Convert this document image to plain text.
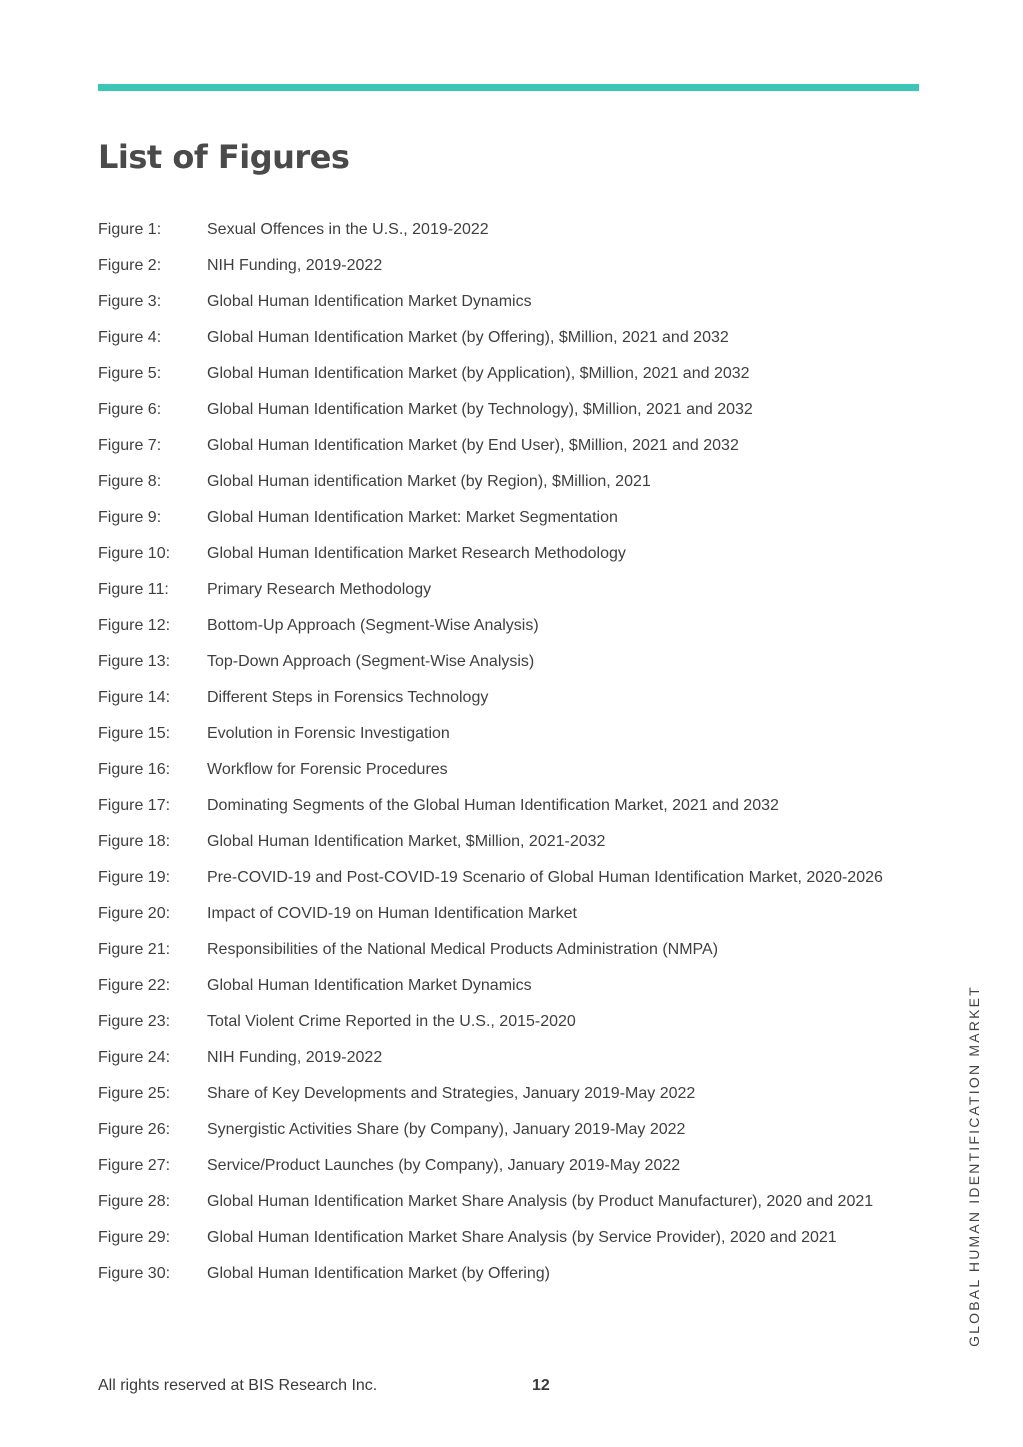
List of Figures
Figure 1:	Sexual Offences in the U.S., 2019-2022
Figure 2:	NIH Funding, 2019-2022
Figure 3:	Global Human Identification Market Dynamics
Figure 4:	Global Human Identification Market (by Offering), $Million, 2021 and 2032
Figure 5:	Global Human Identification Market (by Application), $Million, 2021 and 2032
Figure 6:	Global Human Identification Market (by Technology), $Million, 2021 and 2032
Figure 7:	Global Human Identification Market (by End User), $Million, 2021 and 2032
Figure 8:	Global Human identification Market (by Region), $Million, 2021
Figure 9:	Global Human Identification Market: Market Segmentation
Figure 10:	Global Human Identification Market Research Methodology
Figure 11:	Primary Research Methodology
Figure 12:	Bottom-Up Approach (Segment-Wise Analysis)
Figure 13:	Top-Down Approach (Segment-Wise Analysis)
Figure 14:	Different Steps in Forensics Technology
Figure 15:	Evolution in Forensic Investigation
Figure 16:	Workflow for Forensic Procedures
Figure 17:	Dominating Segments of the Global Human Identification Market, 2021 and 2032
Figure 18:	Global Human Identification Market, $Million, 2021-2032
Figure 19:	Pre-COVID-19 and Post-COVID-19 Scenario of Global Human Identification Market, 2020-2026
Figure 20:	Impact of COVID-19 on Human Identification Market
Figure 21:	Responsibilities of the National Medical Products Administration (NMPA)
Figure 22:	Global Human Identification Market Dynamics
Figure 23:	Total Violent Crime Reported in the U.S., 2015-2020
Figure 24:	NIH Funding, 2019-2022
Figure 25:	Share of Key Developments and Strategies, January 2019-May 2022
Figure 26:	Synergistic Activities Share (by Company), January 2019-May 2022
Figure 27:	Service/Product Launches (by Company), January 2019-May 2022
Figure 28:	Global Human Identification Market Share Analysis (by Product Manufacturer), 2020 and 2021
Figure 29:	Global Human Identification Market Share Analysis (by Service Provider), 2020 and 2021
Figure 30:	Global Human Identification Market (by Offering)	GLOBAL HUMAN IDENTIFICATION MARKET
All rights reserved at BIS Research Inc.	12
